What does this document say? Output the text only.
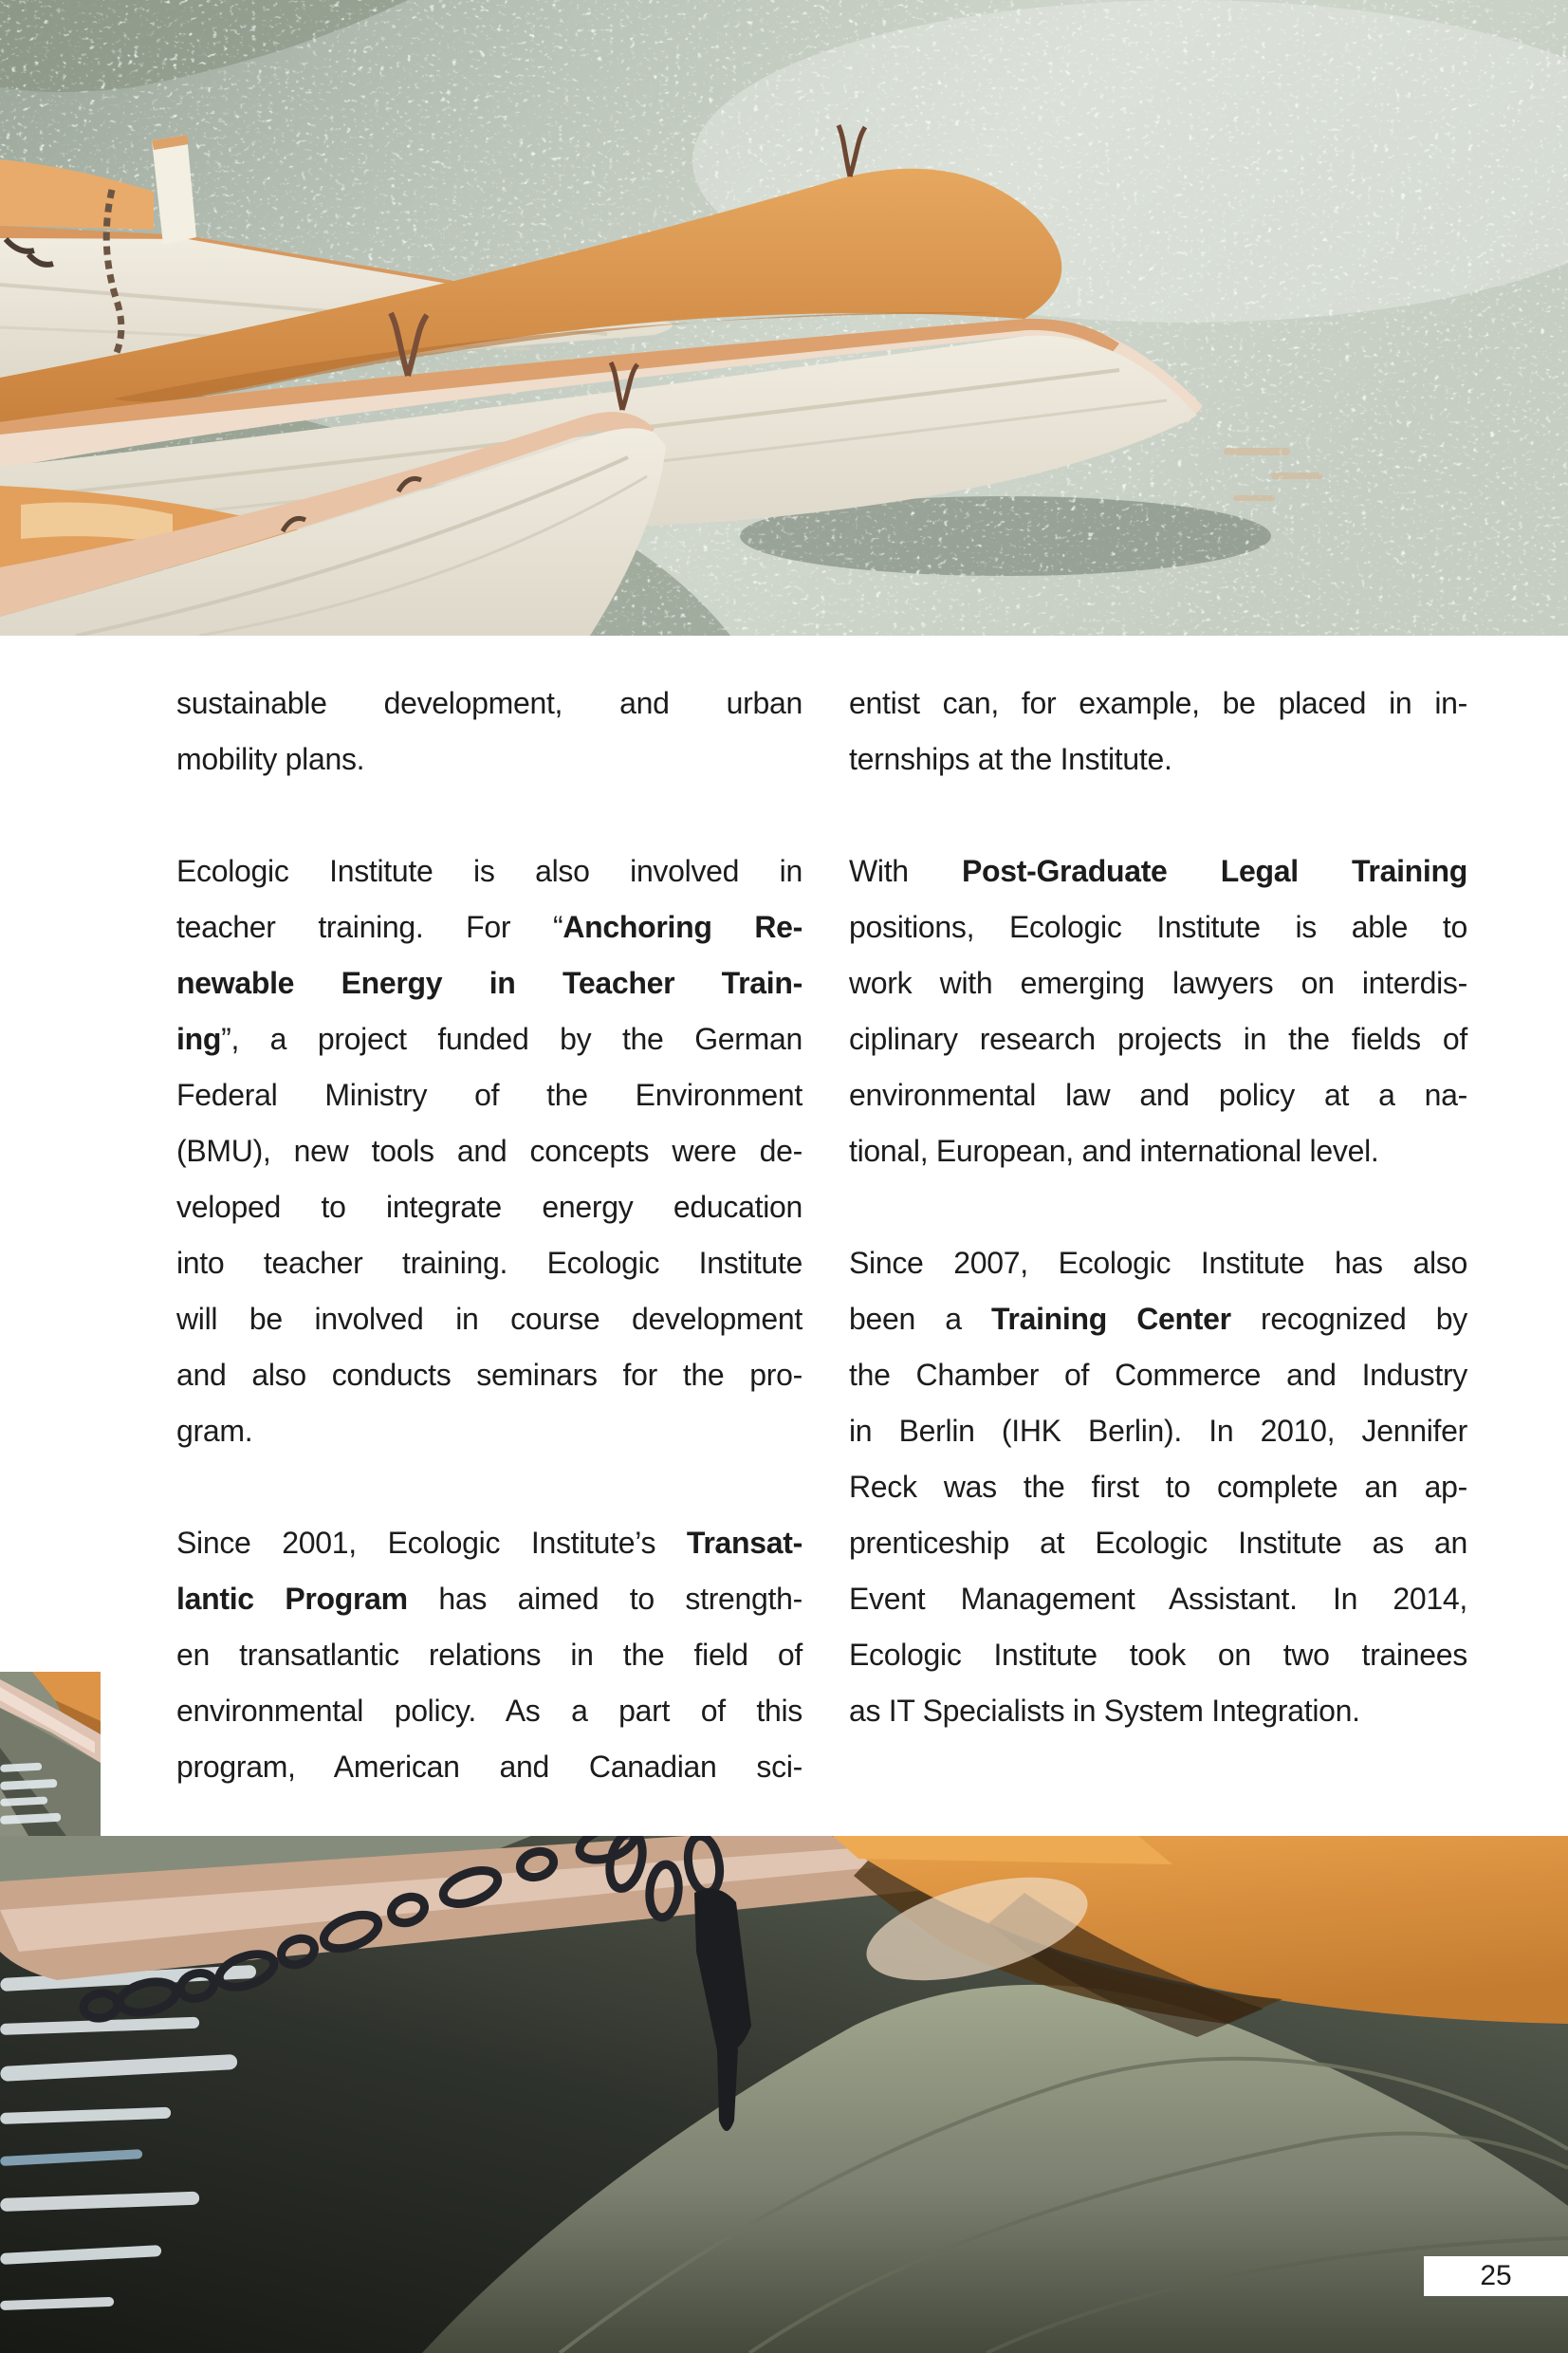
sustainable development, and urban
mobility plans.
Ecologic Institute is also involved in
teacher training. For “Anchoring Re-
newable Energy in Teacher Train-
ing”, a project funded by the German
Federal Ministry of the Environment
(BMU), new tools and concepts were de-
veloped to integrate energy education
into teacher training. Ecologic Institute
will be involved in course development
and also conducts seminars for the pro-
gram.
Since 2001, Ecologic Institute’s Transat-
lantic Program has aimed to strength-
en transatlantic relations in the field of
environmental policy. As a part of this
program, American and Canadian sci-
entist can, for example, be placed in in-
ternships at the Institute.
With Post-Graduate Legal Training
positions, Ecologic Institute is able to
work with emerging lawyers on interdis-
ciplinary research projects in the fields of
environmental law and policy at a na-
tional, European, and international level.
Since 2007, Ecologic Institute has also
been a Training Center recognized by
the Chamber of Commerce and Industry
in Berlin (IHK Berlin). In 2010, Jennifer
Reck was the first to complete an ap-
prenticeship at Ecologic Institute as an
Event Management Assistant. In 2014,
Ecologic Institute took on two trainees
as IT Specialists in System Integration.
25
